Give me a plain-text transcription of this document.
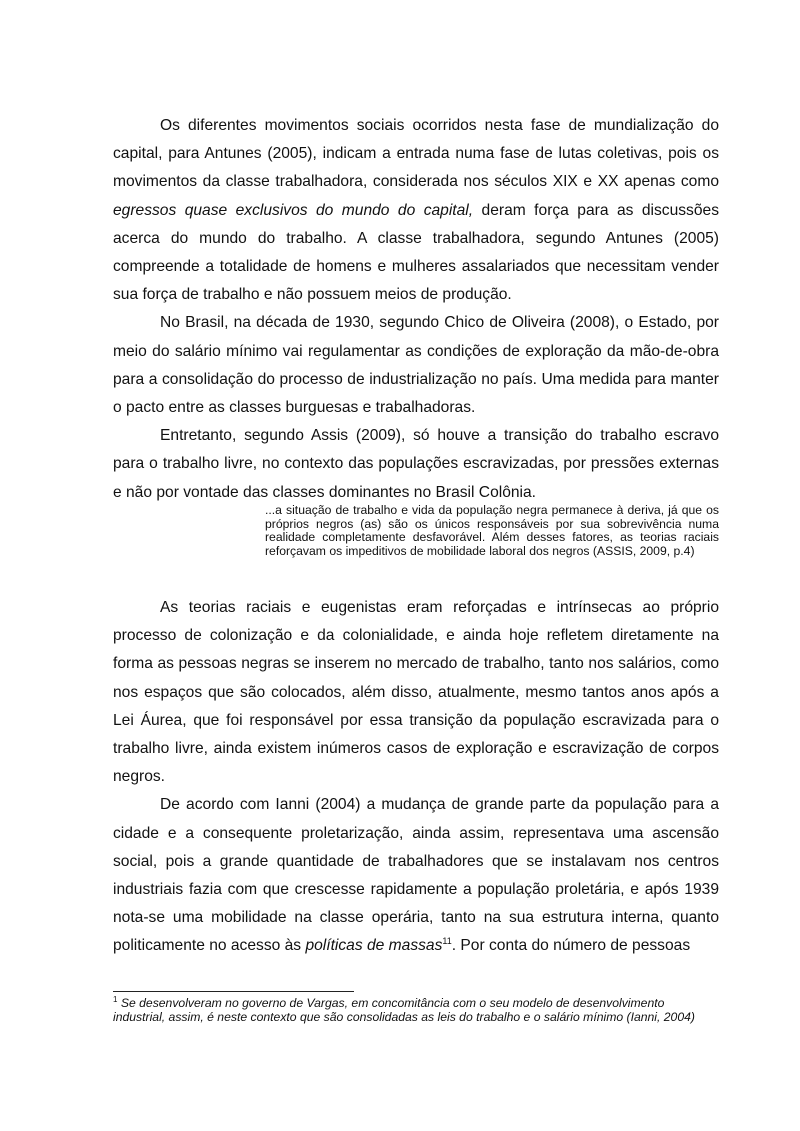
Os diferentes movimentos sociais ocorridos nesta fase de mundialização do capital, para Antunes (2005), indicam a entrada numa fase de lutas coletivas, pois os movimentos da classe trabalhadora, considerada nos séculos XIX e XX apenas como egressos quase exclusivos do mundo do capital, deram força para as discussões acerca do mundo do trabalho. A classe trabalhadora, segundo Antunes (2005) compreende a totalidade de homens e mulheres assalariados que necessitam vender sua força de trabalho e não possuem meios de produção.

No Brasil, na década de 1930, segundo Chico de Oliveira (2008), o Estado, por meio do salário mínimo vai regulamentar as condições de exploração da mão-de-obra para a consolidação do processo de industrialização no país. Uma medida para manter o pacto entre as classes burguesas e trabalhadoras.

Entretanto, segundo Assis (2009), só houve a transição do trabalho escravo para o trabalho livre, no contexto das populações escravizadas, por pressões externas e não por vontade das classes dominantes no Brasil Colônia.

...a situação de trabalho e vida da população negra permanece à deriva, já que os próprios negros (as) são os únicos responsáveis por sua sobrevivência numa realidade completamente desfavorável. Além desses fatores, as teorias raciais reforçavam os impeditivos de mobilidade laboral dos negros (ASSIS, 2009, p.4)

As teorias raciais e eugenistas eram reforçadas e intrínsecas ao próprio processo de colonização e da colonialidade, e ainda hoje refletem diretamente na forma as pessoas negras se inserem no mercado de trabalho, tanto nos salários, como nos espaços que são colocados, além disso, atualmente, mesmo tantos anos após a Lei Áurea, que foi responsável por essa transição da população escravizada para o trabalho livre, ainda existem inúmeros casos de exploração e escravização de corpos negros.

De acordo com Ianni (2004) a mudança de grande parte da população para a cidade e a consequente proletarização, ainda assim, representava uma ascensão social, pois a grande quantidade de trabalhadores que se instalavam nos centros industriais fazia com que crescesse rapidamente a população proletária, e após 1939 nota-se uma mobilidade na classe operária, tanto na sua estrutura interna, quanto politicamente no acesso às políticas de massas$^{11}$. Por conta do número de pessoas

$^1$ Se desenvolveram no governo de Vargas, em concomitância com o seu modelo de desenvolvimento industrial, assim, é neste contexto que são consolidadas as leis do trabalho e o salário mínimo (Ianni, 2004)
